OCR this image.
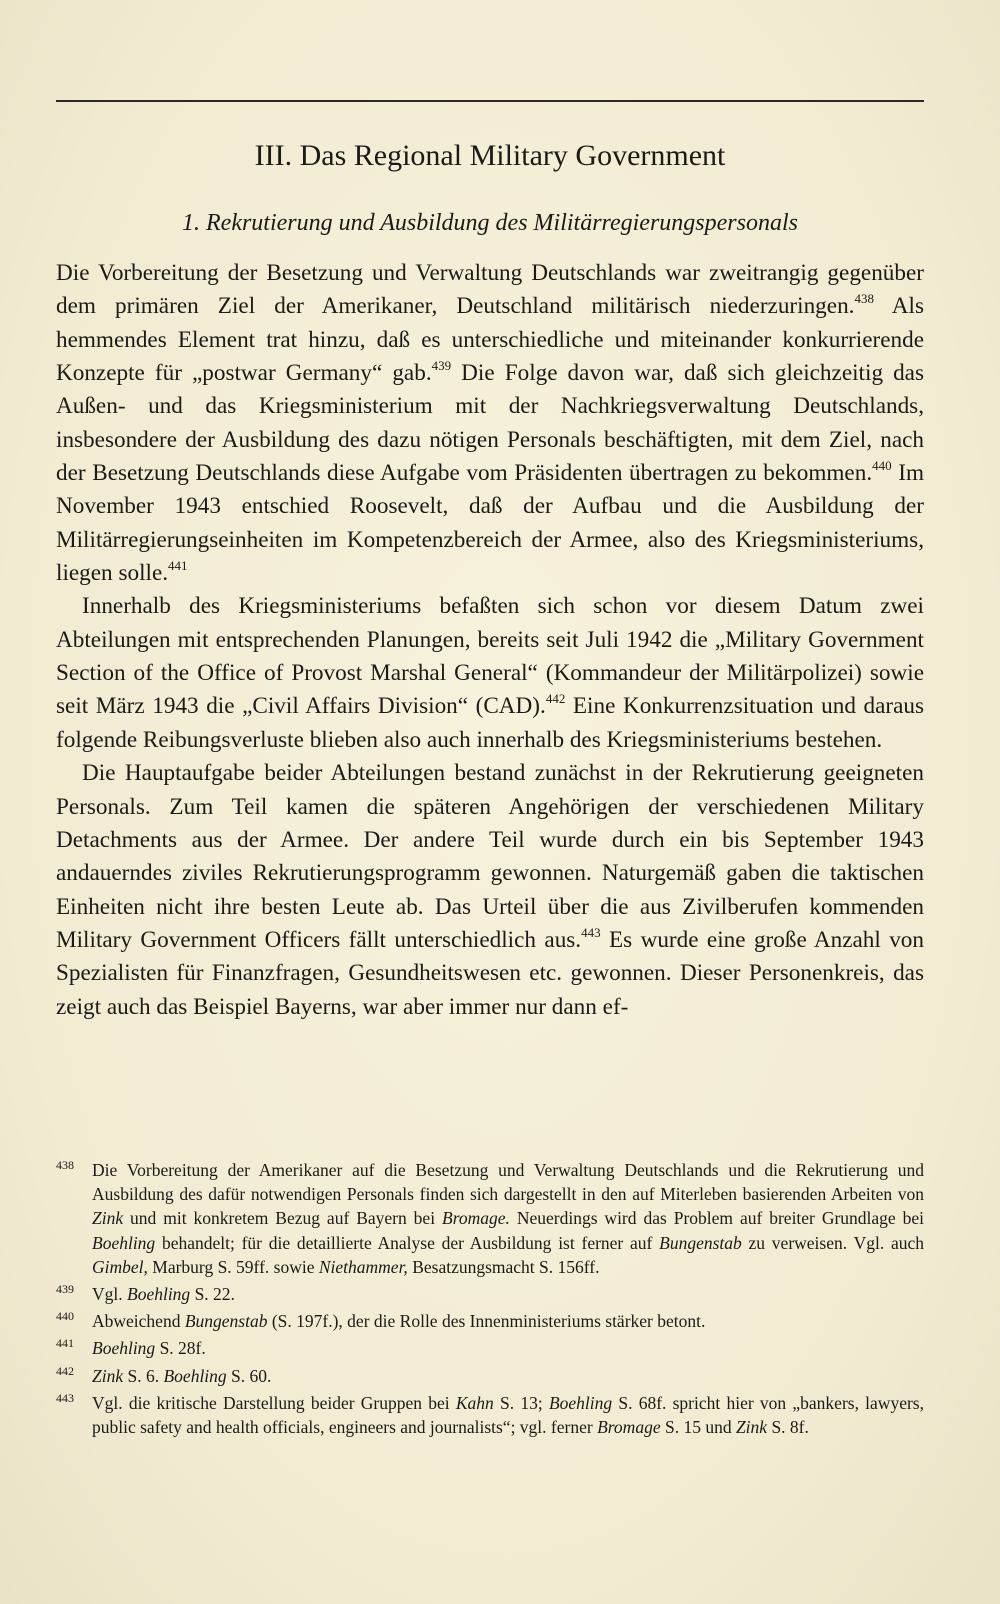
III. Das Regional Military Government
1. Rekrutierung und Ausbildung des Militärregierungspersonals

Die Vorbereitung der Besetzung und Verwaltung Deutschlands war zweitrangig gegenüber dem primären Ziel der Amerikaner, Deutschland militärisch niederzuringen.$^{438}$ Als hemmendes Element trat hinzu, daß es unterschiedliche und miteinander konkurrierende Konzepte für „postwar Germany“ gab.$^{439}$ Die Folge davon war, daß sich gleichzeitig das Außen- und das Kriegsministerium mit der Nachkriegsverwaltung Deutschlands, insbesondere der Ausbildung des dazu nötigen Personals beschäftigten, mit dem Ziel, nach der Besetzung Deutschlands diese Aufgabe vom Präsidenten übertragen zu bekommen.$^{440}$ Im November 1943 entschied Roosevelt, daß der Aufbau und die Ausbildung der Militärregierungseinheiten im Kompetenzbereich der Armee, also des Kriegsministeriums, liegen solle.$^{441}$

Innerhalb des Kriegsministeriums befaßten sich schon vor diesem Datum zwei Abteilungen mit entsprechenden Planungen, bereits seit Juli 1942 die „Military Government Section of the Office of Provost Marshal General“ (Kommandeur der Militärpolizei) sowie seit März 1943 die „Civil Affairs Division“ (CAD).$^{442}$ Eine Konkurrenzsituation und daraus folgende Reibungsverluste blieben also auch innerhalb des Kriegsministeriums bestehen.

Die Hauptaufgabe beider Abteilungen bestand zunächst in der Rekrutierung geeigneten Personals. Zum Teil kamen die späteren Angehörigen der verschiedenen Military Detachments aus der Armee. Der andere Teil wurde durch ein bis September 1943 andauerndes ziviles Rekrutierungsprogramm gewonnen. Naturgemäß gaben die taktischen Einheiten nicht ihre besten Leute ab. Das Urteil über die aus Zivilberufen kommenden Military Government Officers fällt unterschiedlich aus.$^{443}$ Es wurde eine große Anzahl von Spezialisten für Finanzfragen, Gesundheitswesen etc. gewonnen. Dieser Personenkreis, das zeigt auch das Beispiel Bayerns, war aber immer nur dann ef-

438	Die Vorbereitung der Amerikaner auf die Besetzung und Verwaltung Deutschlands und die Rekrutierung und Ausbildung des dafür notwendigen Personals finden sich dargestellt in den auf Miterleben basierenden Arbeiten von Zink und mit konkretem Bezug auf Bayern bei Bromage. Neuerdings wird das Problem auf breiter Grundlage bei Boehling behandelt; für die detaillierte Analyse der Ausbildung ist ferner auf Bungenstab zu verweisen. Vgl. auch Gimbel, Marburg S. 59ff. sowie Niethammer, Besatzungsmacht S. 156ff.
439	Vgl. Boehling S. 22.
440	Abweichend Bungenstab (S. 197f.), der die Rolle des Innenministeriums stärker betont.
441	Boehling S. 28f.
442	Zink S. 6. Boehling S. 60.
443	Vgl. die kritische Darstellung beider Gruppen bei Kahn S. 13; Boehling S. 68f. spricht hier von „bankers, lawyers, public safety and health officials, engineers and journalists“; vgl. ferner Bromage S. 15 und Zink S. 8f.
